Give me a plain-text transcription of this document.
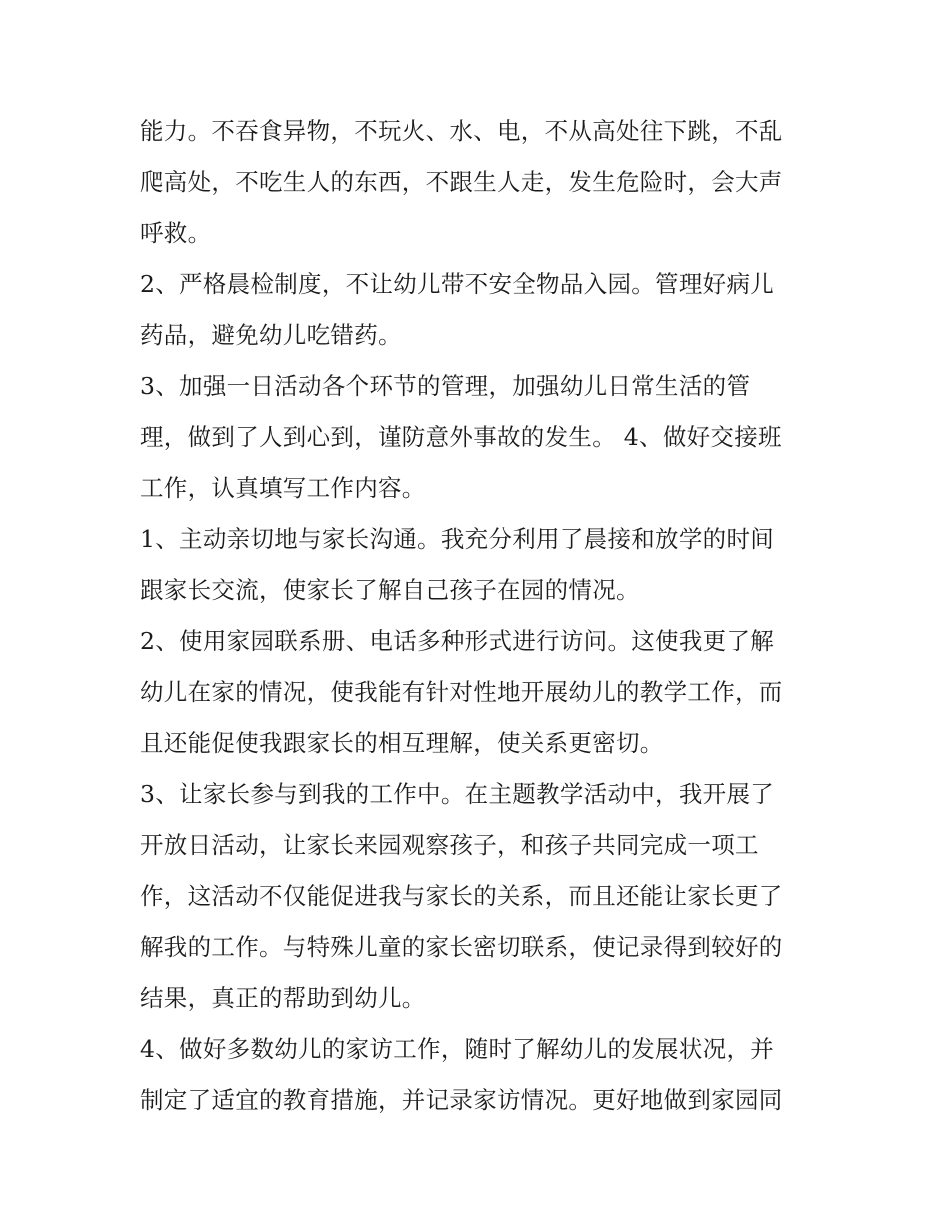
能力。不吞食异物，不玩火、水、电，不从高处往下跳，不乱
爬高处，不吃生人的东西，不跟生人走，发生危险时，会大声
呼救。
2、严格晨检制度，不让幼儿带不安全物品入园。管理好病儿
药品，避免幼儿吃错药。
3、加强一日活动各个环节的管理，加强幼儿日常生活的管
理，做到了人到心到，谨防意外事故的发生。 4、做好交接班
工作，认真填写工作内容。
1、主动亲切地与家长沟通。我充分利用了晨接和放学的时间
跟家长交流，使家长了解自己孩子在园的情况。
2、使用家园联系册、电话多种形式进行访问。这使我更了解
幼儿在家的情况，使我能有针对性地开展幼儿的教学工作，而
且还能促使我跟家长的相互理解，使关系更密切。
3、让家长参与到我的工作中。在主题教学活动中，我开展了
开放日活动，让家长来园观察孩子，和孩子共同完成一项工
作，这活动不仅能促进我与家长的关系，而且还能让家长更了
解我的工作。与特殊儿童的家长密切联系，使记录得到较好的
结果，真正的帮助到幼儿。
4、做好多数幼儿的家访工作，随时了解幼儿的发展状况，并
制定了适宜的教育措施，并记录家访情况。更好地做到家园同
